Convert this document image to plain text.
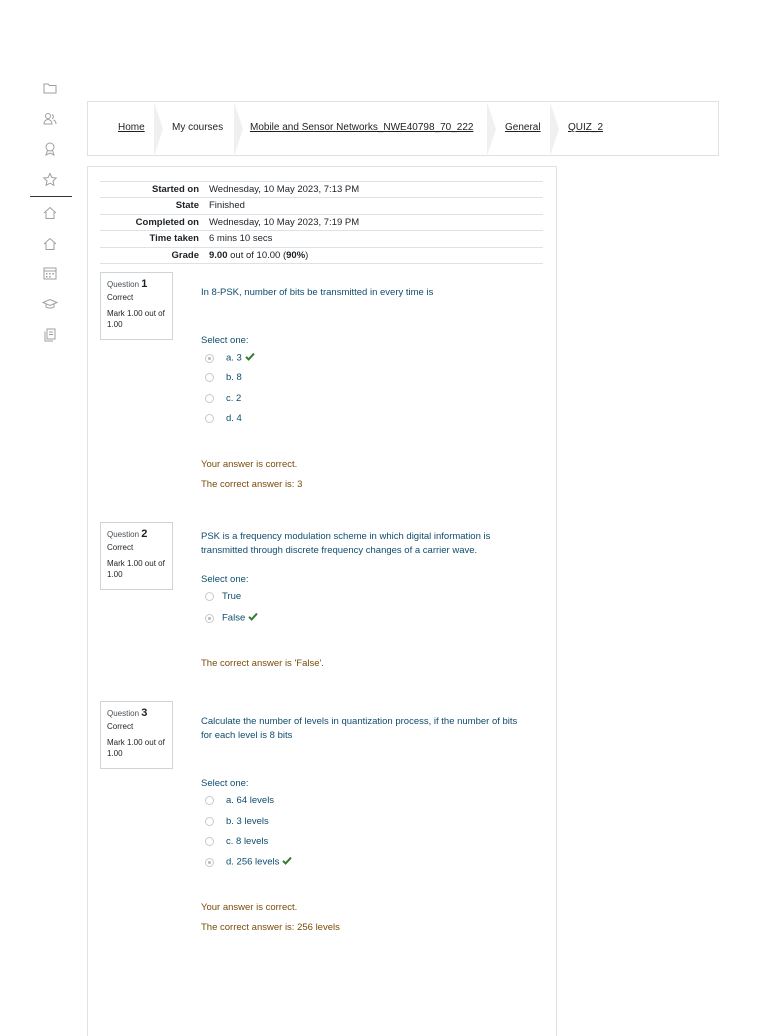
Home	My courses	Mobile and Sensor Networks_NWE40798_70_222	General	QUIZ_2
Started on Wednesday, 10 May 2023, 7:13 PM
State Finished
Completed on Wednesday, 10 May 2023, 7:19 PM
Time taken 6 mins 10 secs
Grade 9.00 out of 10.00 (90%)
Question 1
Correct
Mark 1.00 out of 1.00
In 8-PSK, number of bits be transmitted in every time is
Select one:
a. 3
b. 8
c. 2
d. 4
Your answer is correct.
The correct answer is: 3
Question 2
Correct
Mark 1.00 out of 1.00
PSK is a frequency modulation scheme in which digital information is transmitted through discrete frequency changes of a carrier wave.
Select one:
True
False
The correct answer is 'False'.
Question 3
Correct
Mark 1.00 out of 1.00
Calculate the number of levels in quantization process, if the number of bits for each level is 8 bits
Select one:
a. 64 levels
b. 3 levels
c. 8 levels
d. 256 levels
Your answer is correct.
The correct answer is: 256 levels
